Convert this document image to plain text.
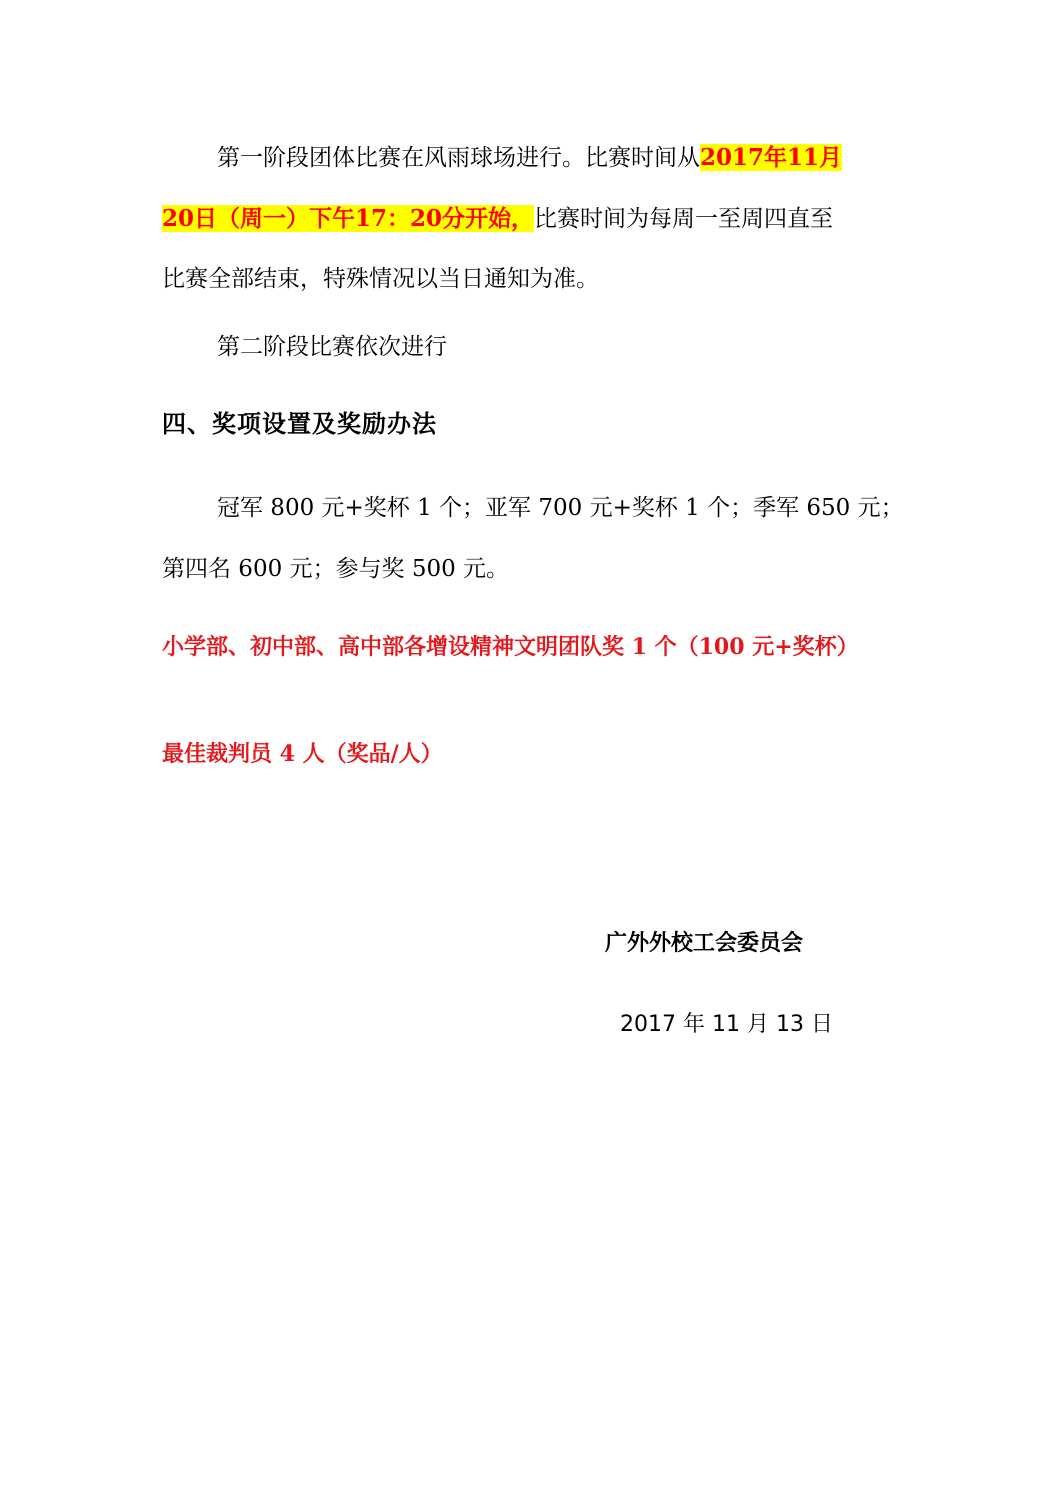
第一阶段团体比赛在风雨球场进行。比赛时间从2017年11月
20日（周一）下午17：20分开始，比赛时间为每周一至周四直至
比赛全部结束，特殊情况以当日通知为准。
第二阶段比赛依次进行
四、奖项设置及奖励办法
冠军 800 元+奖杯 1 个；亚军 700 元+奖杯 1 个；季军 650 元；
第四名 600 元；参与奖 500 元。
小学部、初中部、高中部各增设精神文明团队奖 1 个（100 元+奖杯）
最佳裁判员 4 人（奖品/人）
广外外校工会委员会
2017 年 11 月 13 日
